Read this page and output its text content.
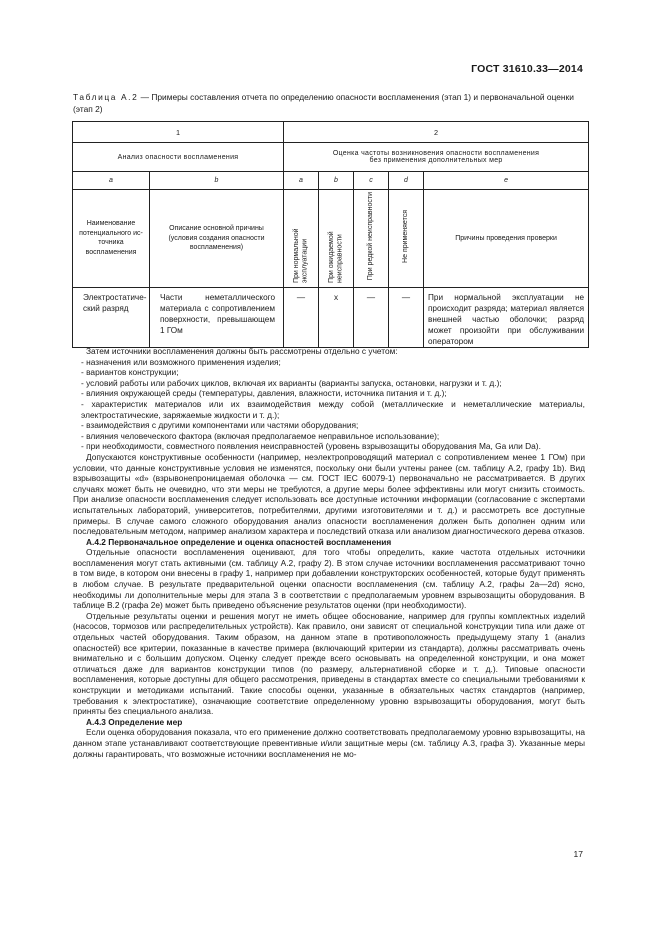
ГОСТ 31610.33—2014
Таблица А.2 — Примеры составления отчета по определению опасности воспламенения (этап 1) и первоначальной оценки (этап 2)
1		2				
Анализ опасности воспламенения		Оценка частоты возникновения опасности воспламенения
без применения дополнительных мер				

a	b	a	b	c	d	e
Наименование потенциального источника воспламенения	Описание основной причины (условия создания опасности воспламенения)	При нормальной эксплуатации	При ожидаемой неисправности	При редкой неисправности	Не применяется	Причины проведения проверки
Электростатический разряд	Части неметаллического материала с сопротивлением поверхности, превышающем 1 ГОм	—	x	—	—	При нормальной эксплуатации не происходит разряда; материал является внешней частью оболочки; разряд может произойти при обслуживании оператором

Затем источники воспламенения должны быть рассмотрены отдельно с учетом:

- назначения или возможного применения изделия;

- вариантов конструкции;

- условий работы или рабочих циклов, включая их варианты (варианты запуска, остановки, нагрузки и т. д.);

- влияния окружающей среды (температуры, давления, влажности, источника питания и т. д.);

- характеристик материалов или их взаимодействия между собой (металлические и неметаллические материалы, электростатические, заряжаемые жидкости и т. д.);

- взаимодействия с другими компонентами или частями оборудования;

- влияния человеческого фактора (включая предполагаемое неправильное использование);

- при необходимости, совместного появления неисправностей (уровень взрывозащиты оборудования Ma, Ga или Da).

Допускаются конструктивные особенности (например, неэлектропроводящий материал с сопротивлением менее 1 ГОм) при условии, что данные конструктивные условия не изменятся, поскольку они были учтены ранее (см. таблицу А.2, графу 1b). Вид взрывозащиты «d» (взрывонепроницаемая оболочка — см. ГОСТ IEC 60079-1) первоначально не рассматривается. В других случаях может быть не очевидно, что эти меры не требуются, а другие меры более эффективны или могут снизить стоимость. При анализе опасности воспламенения следует использовать все доступные источники информации (согласование с экспертами испытательных лабораторий, университетов, потребителями, другими изготовителями и т. д.) и рассмотреть все доступные примеры. В случае самого сложного оборудования анализ опасности воспламенения должен быть дополнен одним или последовательным методом, например анализом характера и последствий отказа или анализом диагностического дерева отказов.

А.4.2 Первоначальное определение и оценка опасностей воспламенения

Отдельные опасности воспламенения оценивают, для того чтобы определить, какие частота отдельных источники воспламенения могут стать активными (см. таблицу А.2, графу 2). В этом случае источники воспламенения рассматривают точно в том виде, в котором они внесены в графу 1, например при добавлении конструкторских особенностей, которые будут применять в любом случае. В результате предварительной оценки опасности воспламенения (см. таблицу А.2, графы 2a—2d) ясно, необходимы ли дополнительные меры для этапа 3 в соответствии с предполагаемым уровнем взрывозащиты оборудования. В таблице В.2 (графа 2e) может быть приведено объяснение результатов оценки (при необходимости).

Отдельные результаты оценки и решения могут не иметь общее обоснование, например для группы комплектных изделий (насосов, тормозов или распределительных устройств). Как правило, они зависят от специальной конструкции типа или даже от отдельных частей оборудования. Таким образом, на данном этапе в противоположность предыдущему этапу 1 (анализ опасностей) все критерии, показанные в качестве примера (включающий критерии из стандарта), должны рассматривать очень внимательно и с большим допуском. Оценку следует прежде всего основывать на определенной конструкции, и она может отличаться даже для вариантов конструкции типов (по размеру, альтернативной сборке и т. д.). Типовые опасности воспламенения, которые доступны для общего рассмотрения, приведены в стандартах вместе со специальными требованиями к конструкции и методиками испытаний. Такие способы оценки, указанные в обязательных частях стандартов (например, требования к электростатике), означающие соответствие определенному уровню взрывозащиты оборудования, могут быть приняты без специального анализа.

А.4.3 Определение мер

Если оценка оборудования показала, что его применение должно соответствовать предполагаемому уровню взрывозащиты, на данном этапе устанавливают соответствующие превентивные и/или защитные меры (см. таблицу А.3, графа 3). Указанные меры должны гарантировать, что возможные источники воспламенения не мо-

17
